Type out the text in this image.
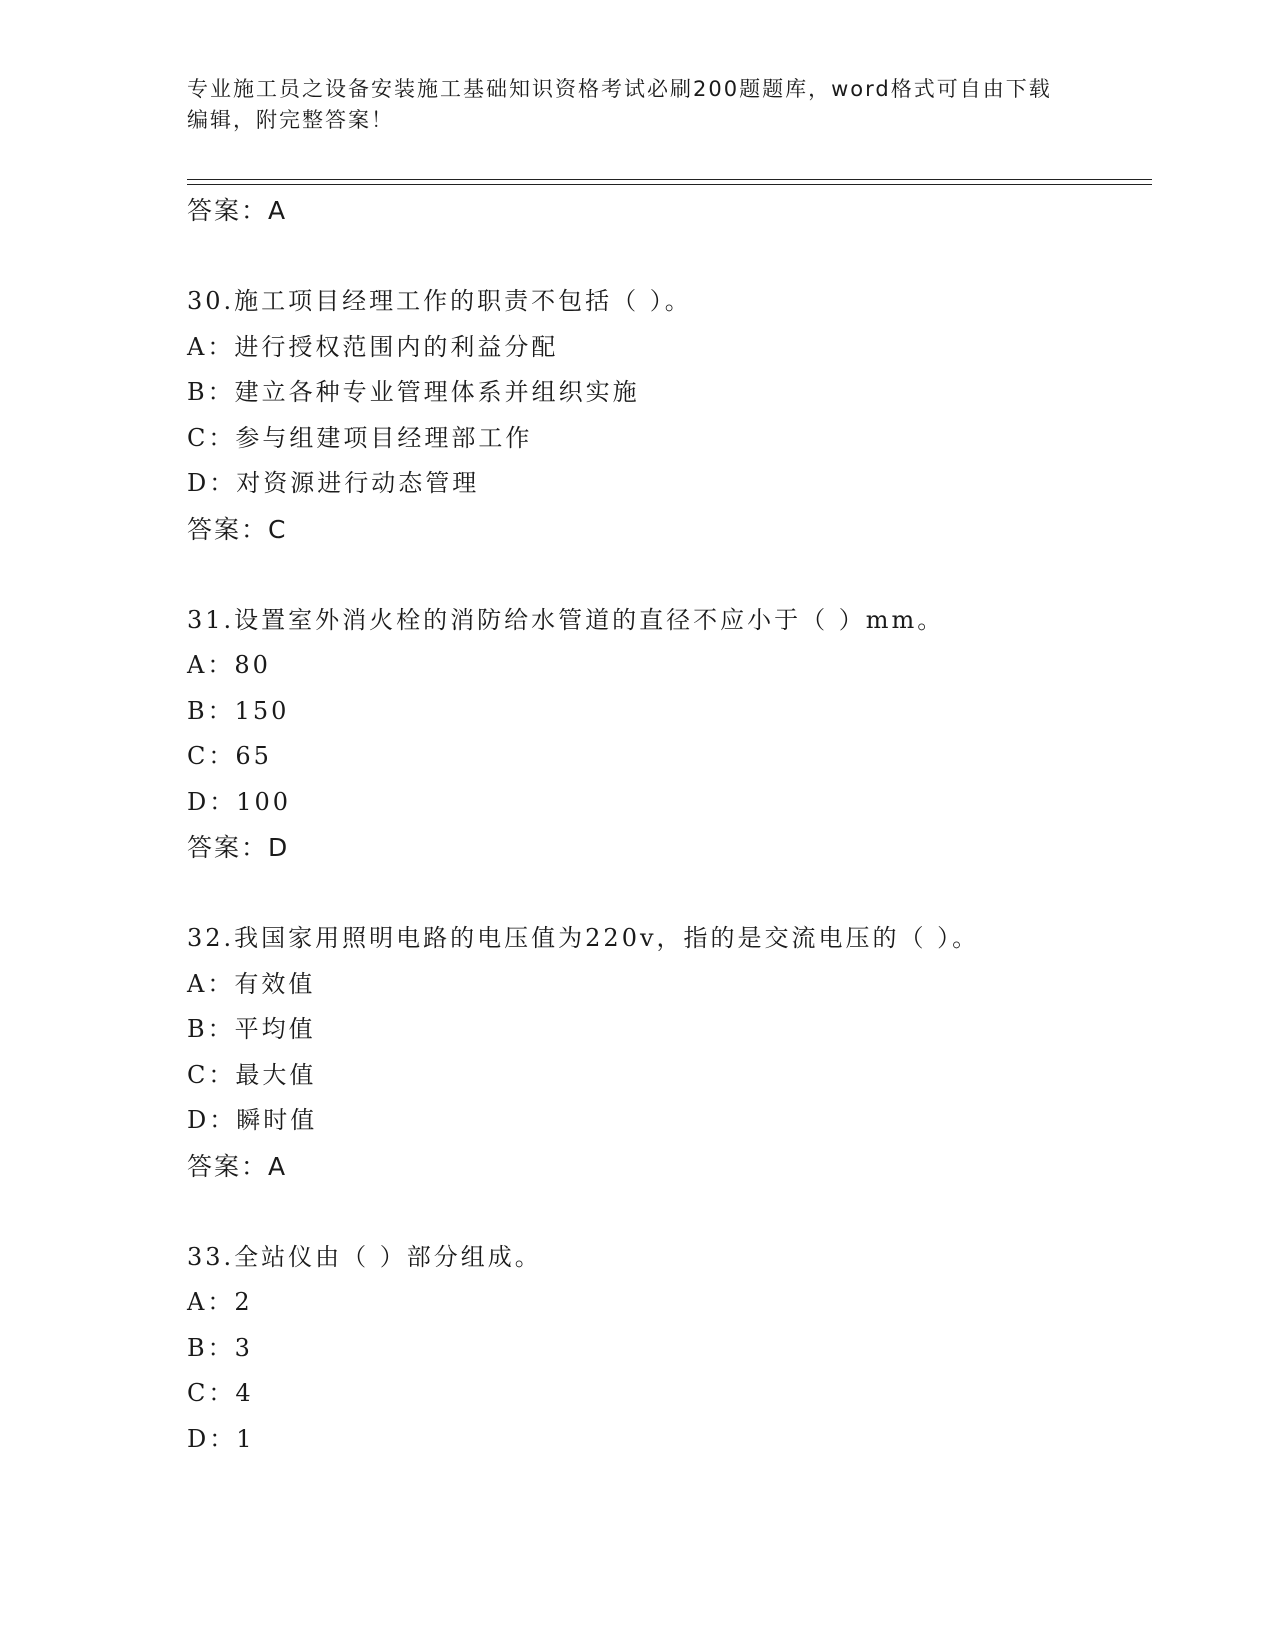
专业施工员之设备安装施工基础知识资格考试必刷200题题库，word格式可自由下载编辑，附完整答案！

答案：A
30.施工项目经理工作的职责不包括（ ）。
A：进行授权范围内的利益分配
B：建立各种专业管理体系并组织实施
C：参与组建项目经理部工作
D：对资源进行动态管理
答案：C
31.设置室外消火栓的消防给水管道的直径不应小于（ ）mm。
A：80
B：150
C：65
D：100
答案：D
32.我国家用照明电路的电压值为220v，指的是交流电压的（ ）。
A：有效值
B：平均值
C：最大值
D：瞬时值
答案：A
33.全站仪由（ ）部分组成。
A：2
B：3
C：4
D：1
